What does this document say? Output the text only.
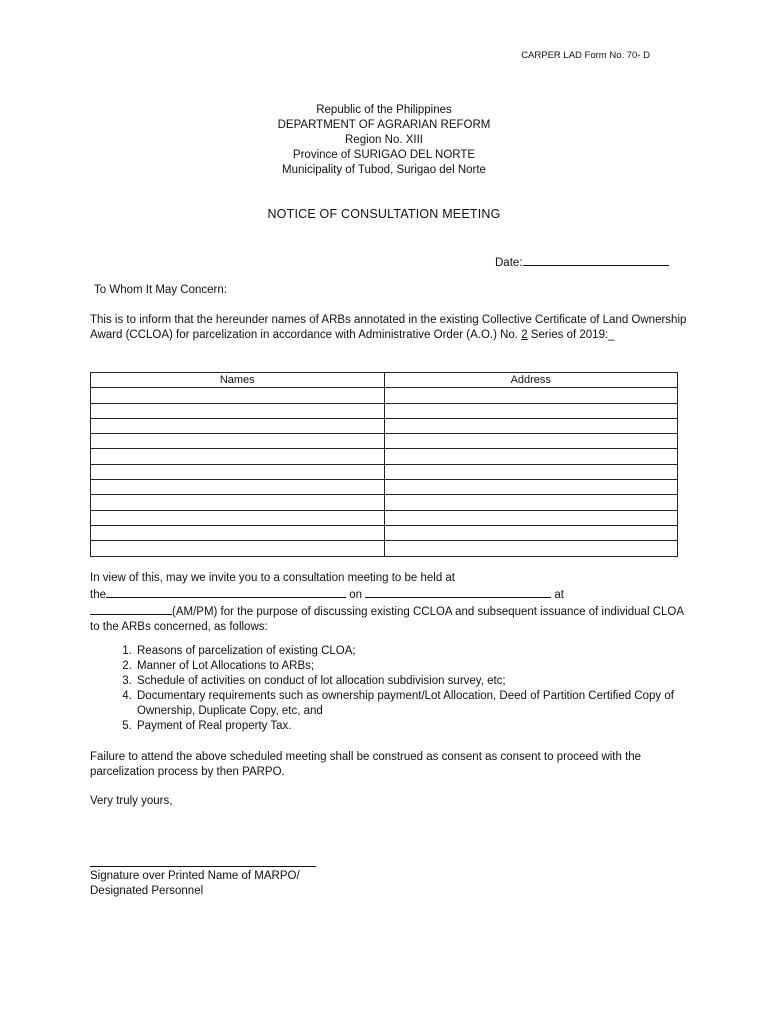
CARPER LAD Form No. 70- D
Republic of the Philippines
DEPARTMENT OF AGRARIAN REFORM
Region No. XIII
Province of SURIGAO DEL NORTE
Municipality of Tubod, Surigao del Norte
NOTICE OF CONSULTATION MEETING
Date:
To Whom It May Concern:
This is to inform that the hereunder names of ARBs annotated in the existing Collective Certificate of Land Ownership Award (CCLOA) for parcelization in accordance with Administrative Order (A.O.) No. 2 Series of 2019:_
Names	Address

In view of this, may we invite you to a consultation meeting to be held at
the	on	at
(AM/PM) for the purpose of discussing existing CCLOA and subsequent issuance of individual CLOA to the ARBs concerned, as follows:
1. Reasons of parcelization of existing CLOA;
2. Manner of Lot Allocations to ARBs;
3. Schedule of activities on conduct of lot allocation subdivision survey, etc;
4. Documentary requirements such as ownership payment/Lot Allocation, Deed of Partition Certified Copy of Ownership, Duplicate Copy, etc, and
5. Payment of Real property Tax.
Failure to attend the above scheduled meeting shall be construed as consent as consent to proceed with the parcelization process by then PARPO.
Very truly yours,
Signature over Printed Name of MARPO/
Designated Personnel
